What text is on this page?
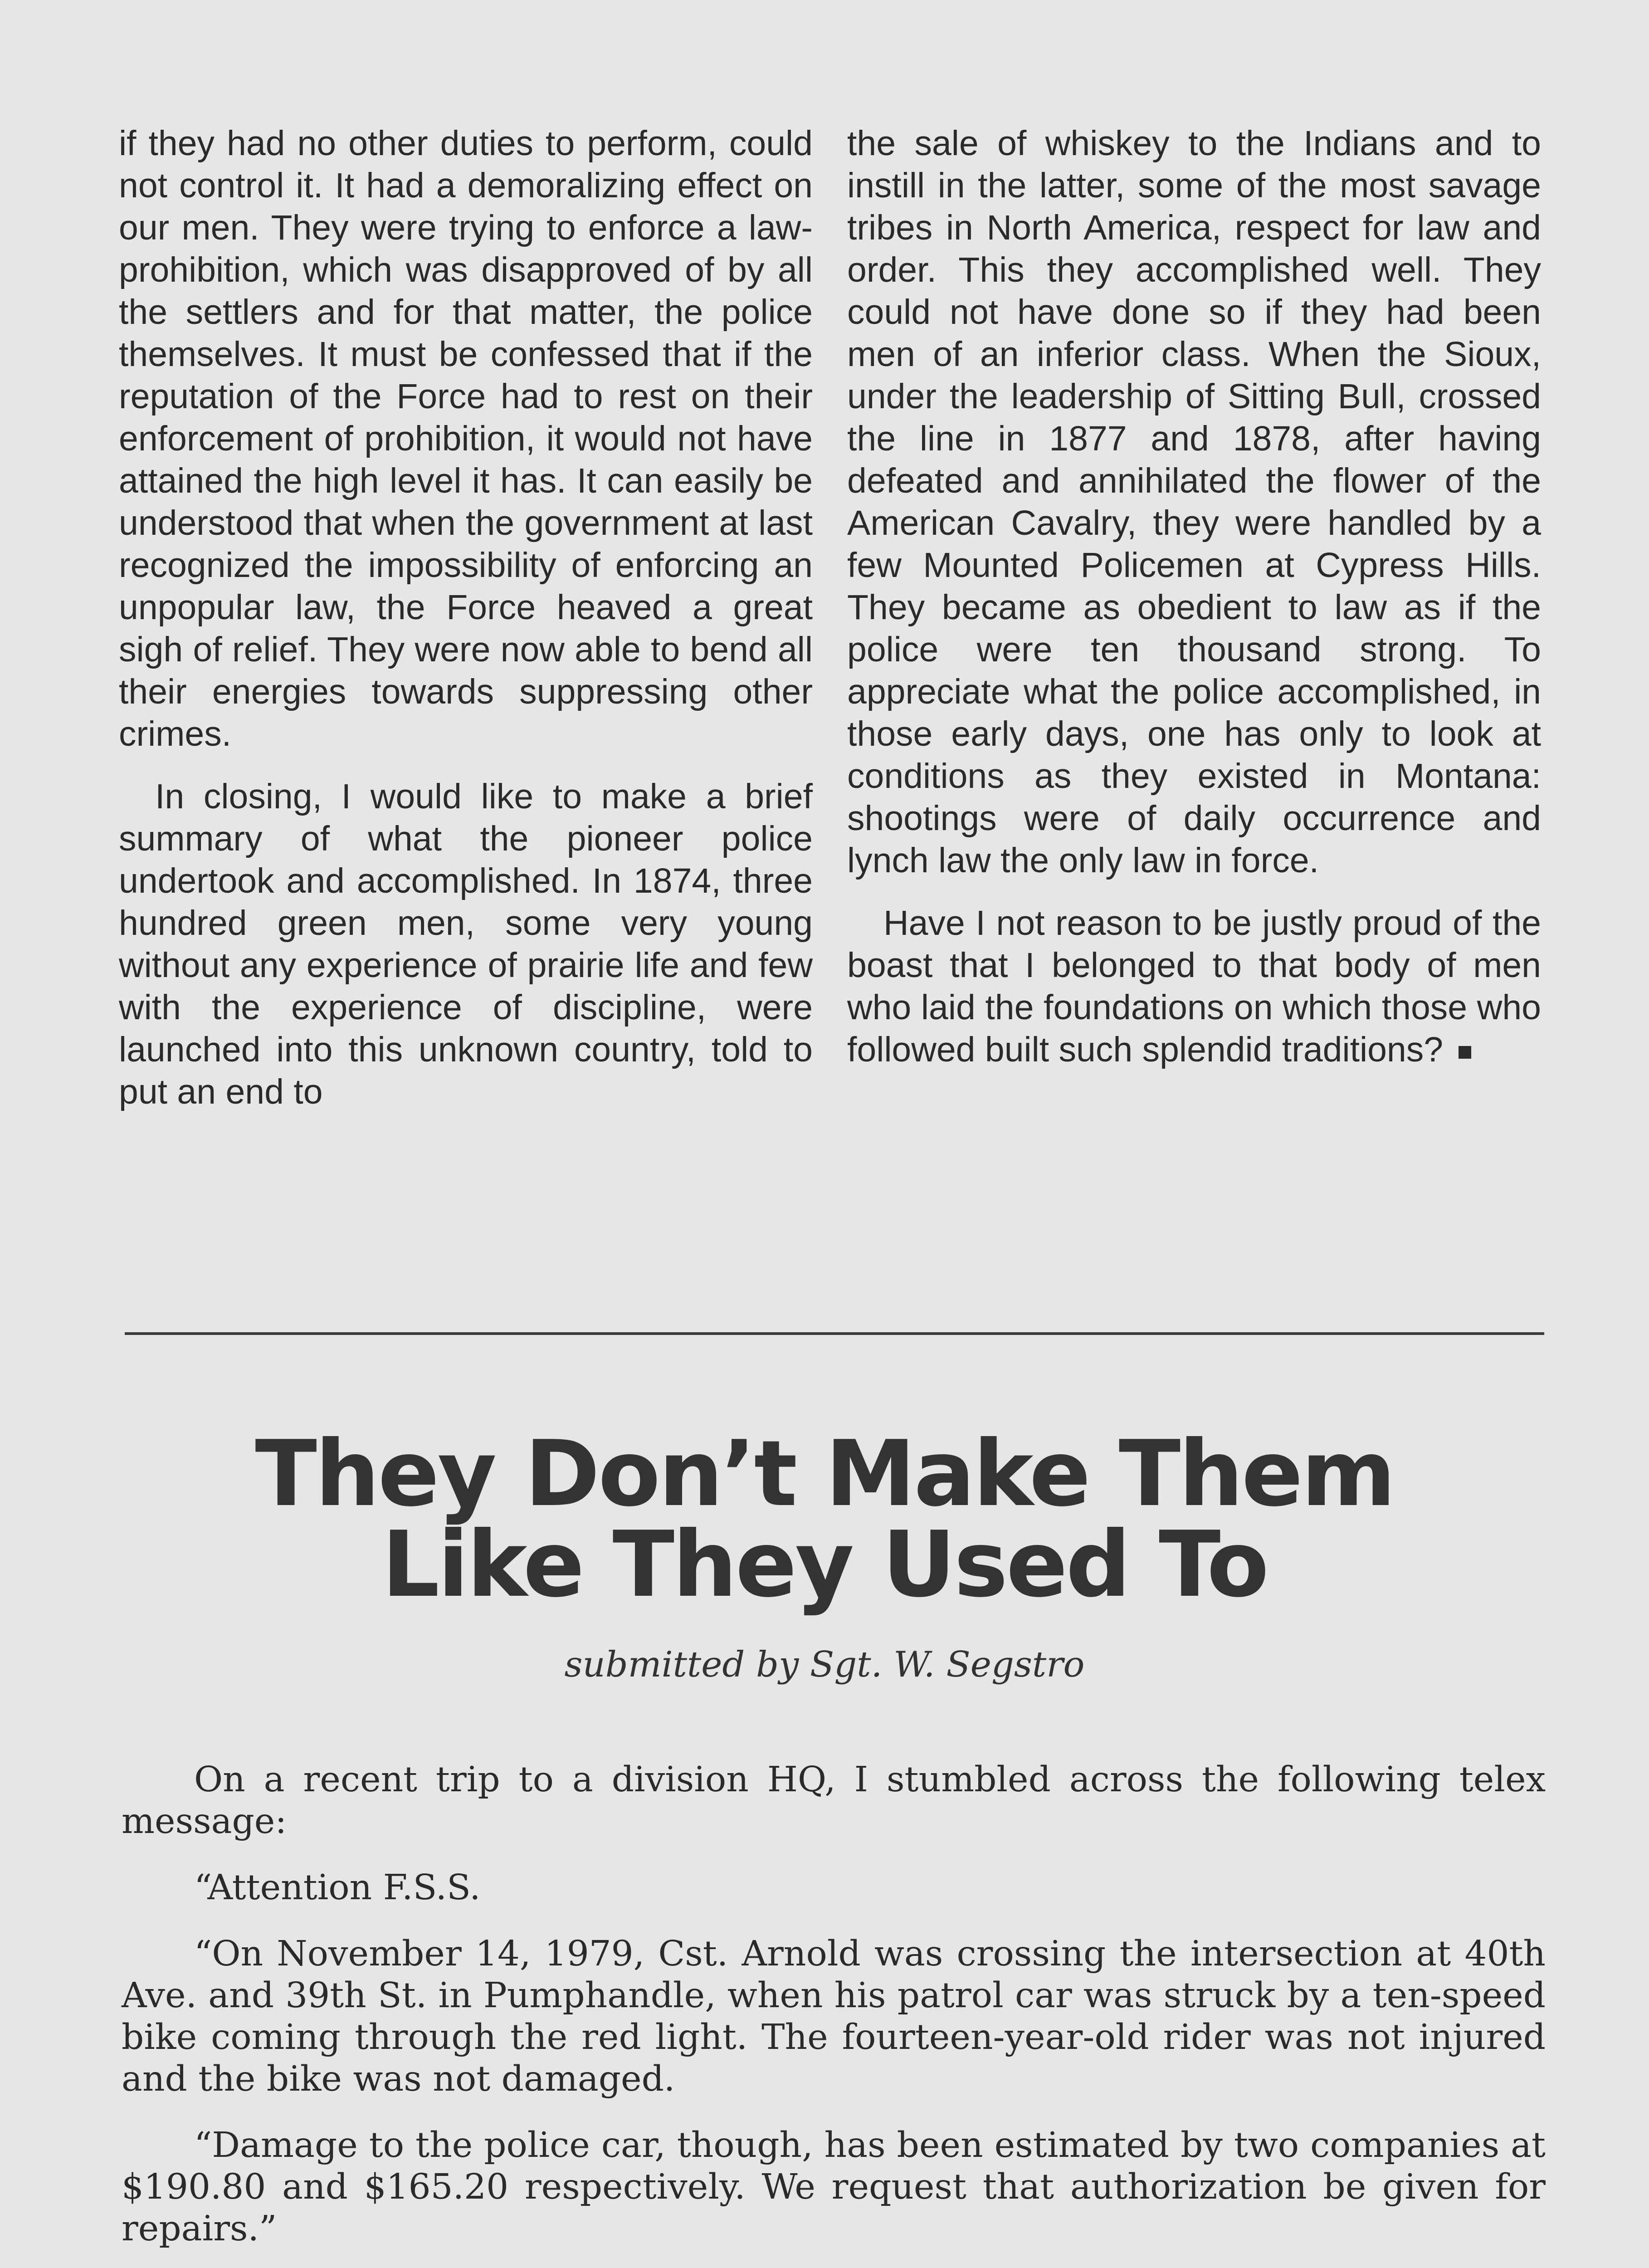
if they had no other duties to perform, could not control it. It had a demoralizing effect on our men. They were trying to enforce a law-prohibition, which was disapproved of by all the settlers and for that matter, the police themselves. It must be confessed that if the reputation of the Force had to rest on their enforcement of prohibition, it would not have attained the high level it has. It can easily be understood that when the government at last recognized the impossibility of enforcing an unpopular law, the Force heaved a great sigh of relief. They were now able to bend all their energies towards suppressing other crimes.

In closing, I would like to make a brief summary of what the pioneer police undertook and accomplished. In 1874, three hundred green men, some very young without any experience of prairie life and few with the experience of discipline, were launched into this unknown country, told to put an end to

the sale of whiskey to the Indians and to instill in the latter, some of the most savage tribes in North America, respect for law and order. This they accomplished well. They could not have done so if they had been men of an inferior class. When the Sioux, under the leadership of Sitting Bull, crossed the line in 1877 and 1878, after having defeated and annihilated the flower of the American Cavalry, they were handled by a few Mounted Policemen at Cypress Hills. They became as obedient to law as if the police were ten thousand strong. To appreciate what the police accomplished, in those early days, one has only to look at conditions as they existed in Montana: shootings were of daily occurrence and lynch law the only law in force.

Have I not reason to be justly proud of the boast that I belonged to that body of men who laid the foundations on which those who followed built such splendid traditions?

They Don’t Make Them
Like They Used To
submitted by Sgt. W. Segstro

On a recent trip to a division HQ, I stumbled across the following telex message:

“Attention F.S.S.

“On November 14, 1979, Cst. Arnold was crossing the intersection at 40th Ave. and 39th St. in Pumphandle, when his patrol car was struck by a ten-speed bike coming through the red light. The fourteen-year-old rider was not injured and the bike was not damaged.

“Damage to the police car, though, has been estimated by two companies at $190.80 and $165.20 respectively. We request that authorization be given for repairs.”
